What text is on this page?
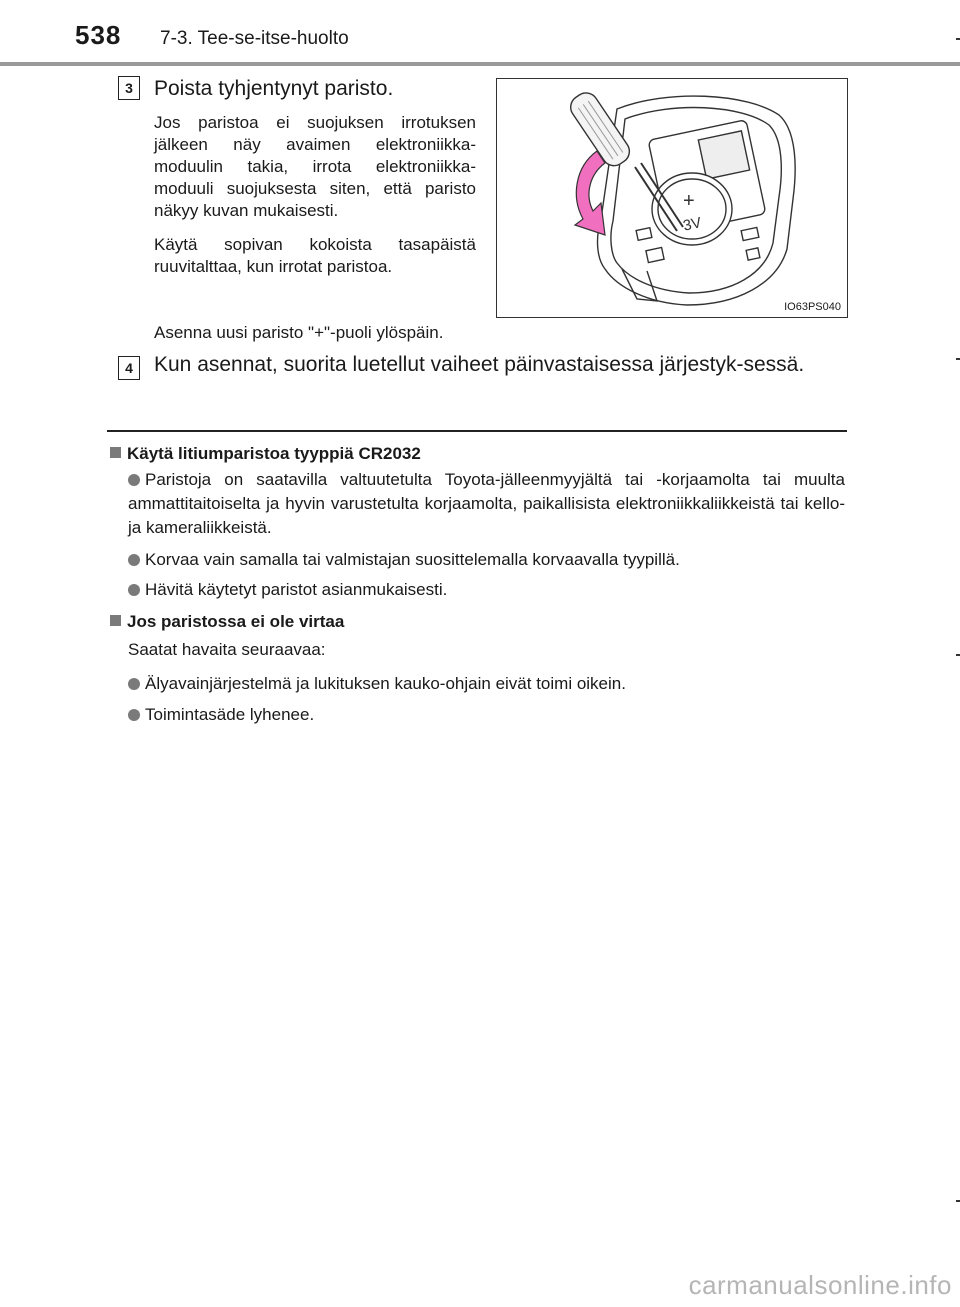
538 7-3. Tee-se-itse-huolto
3	Poista tyhjentynyt paristo.

Jos paristoa ei suojuksen irrotuksen jälkeen näy avaimen elektroniikka-moduulin takia, irrota elektroniikka-moduuli suojuksesta siten, että paristo näkyy kuvan mukaisesti.

Käytä sopivan kokoista tasapäistä ruuvitalttaa, kun irrotat paristoa.

Asenna uusi paristo "+"-puoli ylöspäin.
+
3V
IO63PS040
4	Kun asennat, suorita luetellut vaiheet päinvastaisessa järjestyk-sessä.
Käytä litiumparistoa tyyppiä CR2032
Paristoja on saatavilla valtuutetulta Toyota-jälleenmyyjältä tai -korjaamolta tai muulta ammattitaitoiselta ja hyvin varustetulta korjaamolta, paikallisista elektroniikkaliikkeistä tai kello- ja kameraliikkeistä.
Korvaa vain samalla tai valmistajan suosittelemalla korvaavalla tyypillä.
Hävitä käytetyt paristot asianmukaisesti.
Jos paristossa ei ole virtaa
Saatat havaita seuraavaa:
Älyavainjärjestelmä ja lukituksen kauko-ohjain eivät toimi oikein.
Toimintasäde lyhenee.
carmanualsonline.info
